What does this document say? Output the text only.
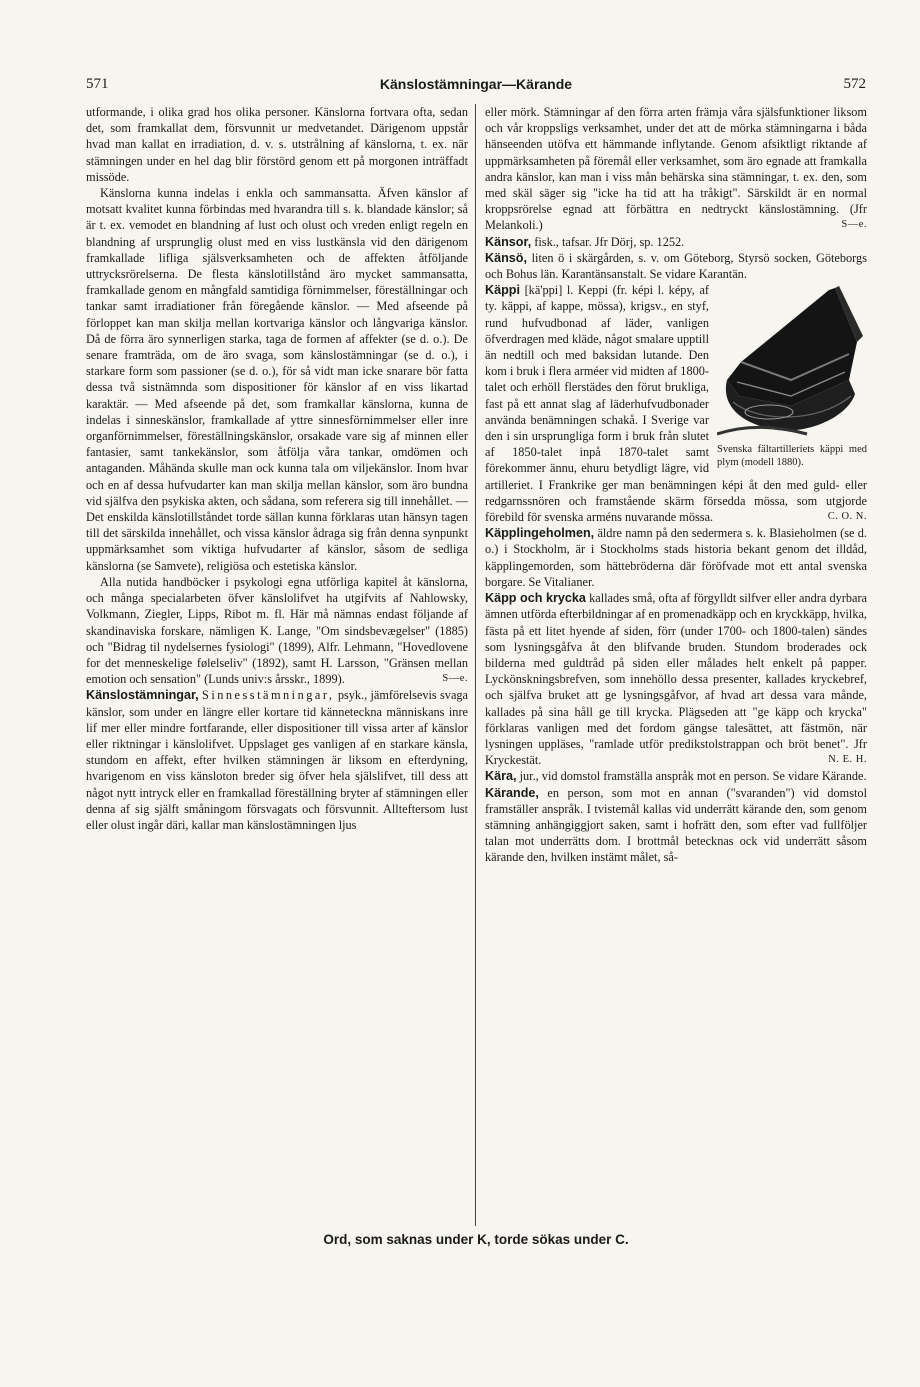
571	Känslostämningar—Kärande	572

utformande, i olika grad hos olika personer. Känslorna fortvara ofta, sedan det, som framkallat dem, försvunnit ur medvetandet. Därigenom uppstår hvad man kallat en irradiation, d. v. s. utstrålning af känslorna, t. ex. när stämningen under en hel dag blir förstörd genom ett på morgonen inträffadt missöde.

Känslorna kunna indelas i enkla och sammansatta. Äfven känslor af motsatt kvalitet kunna förbindas med hvarandra till s. k. blandade känslor; så är t. ex. vemodet en blandning af lust och olust och vreden enligt regeln en blandning af ursprunglig olust med en viss lustkänsla vid den därigenom framkallade lifliga själsverksamheten och de affekten åtföljande uttrycksrörelserna. De flesta känslotillstånd äro mycket sammansatta, framkallade genom en mångfald samtidiga förnimmelser, föreställningar och tankar samt irradiationer från föregående känslor. — Med afseende på förloppet kan man skilja mellan kortvariga känslor och långvariga känslor. Då de förra äro synnerligen starka, taga de formen af affekter (se d. o.). De senare framträda, om de äro svaga, som känslostämningar (se d. o.), i starkare form som passioner (se d. o.), för så vidt man icke snarare bör fatta dessa två sistnämnda som dispositioner för känslor af en viss likartad karaktär. — Med afseende på det, som framkallar känslorna, kunna de indelas i sinneskänslor, framkallade af yttre sinnesförnimmelser eller inre organförnimmelser, föreställningskänslor, orsakade vare sig af minnen eller fantasier, samt tankekänslor, som åtfölja våra tankar, omdömen och antaganden. Måhända skulle man ock kunna tala om viljekänslor. Inom hvar och en af dessa hufvudarter kan man skilja mellan känslor, som äro bundna vid själfva den psykiska akten, och sådana, som referera sig till innehållet. — Det enskilda känslotillståndet torde sällan kunna förklaras utan hänsyn tagen till det särskilda innehållet, och vissa känslor ådraga sig från denna synpunkt uppmärksamhet som viktiga hufvudarter af känslor, såsom de sedliga känslorna (se Samvete), religiösa och estetiska känslor.

Alla nutida handböcker i psykologi egna utförliga kapitel åt känslorna, och många specialarbeten öfver känslolifvet ha utgifvits af Nahlowsky, Volkmann, Ziegler, Lipps, Ribot m. fl. Här må nämnas endast följande af skandinaviska forskare, nämligen K. Lange, "Om sindsbevægelser" (1885) och "Bidrag til nydelsernes fysiologi" (1899), Alfr. Lehmann, "Hovedlovene for det menneskelige følelseliv" (1892), samt H. Larsson, "Gränsen mellan emotion och sensation" (Lunds univ:s årsskr., 1899).	S—e.

Känslostämningar, Sinnesstämningar, psyk., jämförelsevis svaga känslor, som under en längre eller kortare tid känneteckna människans inre lif mer eller mindre fortfarande, eller dispositioner till vissa arter af känslor eller riktningar i känslolifvet. Uppslaget ges vanligen af en starkare känsla, stundom en affekt, efter hvilken stämningen är liksom en efterdyning, hvarigenom en viss känsloton breder sig öfver hela själslifvet, till dess att något nytt intryck eller en framkallad föreställning bryter af stämningen eller denna af sig själft småningom försvagats och försvunnit. Allteftersom lust eller olust ingår däri, kallar man känslostämningen ljus

eller mörk. Stämningar af den förra arten främja våra själsfunktioner liksom och vår kroppsligs verksamhet, under det att de mörka stämningarna i båda hänseenden utöfva ett hämmande inflytande. Genom afsiktligt riktande af uppmärksamheten på föremål eller verksamhet, som äro egnade att framkalla andra känslor, kan man i viss mån behärska sina stämningar, t. ex. den, som med skäl säger sig "icke ha tid att ha tråkigt". Särskildt är en normal kroppsrörelse egnad att förbättra en nedtryckt känslostämning. (Jfr Melankoli.)	S—e.

Känsor, fisk., tafsar. Jfr Dörj, sp. 1252.

Känsö, liten ö i skärgården, s. v. om Göteborg, Styrsö socken, Göteborgs och Bohus län. Karantänsanstalt. Se vidare Karantän.

Svenska fältartilleriets käppi med plym (modell 1880).

Käppi [kä'ppi] l. Keppi (fr. képi l. képy, af ty. käppi, af kappe, mössa), krigsv., en styf, rund hufvudbonad af läder, vanligen öfverdragen med kläde, något smalare upptill än nedtill och med baksidan lutande. Den kom i bruk i flera arméer vid midten af 1800-talet och erhöll flerstädes den förut brukliga, fast på ett annat slag af läderhufvudbonader använda benämningen schakå. I Sverige var den i sin ursprungliga form i bruk från slutet af 1850-talet inpå 1870-talet samt förekommer ännu, ehuru betydligt lägre, vid artilleriet. I Frankrike ger man benämningen képi åt den med guld- eller redgarnssnören och framstående skärm försedda mössa, som utgjorde förebild för svenska arméns nuvarande mössa.	C. O. N.

Käpplingeholmen, äldre namn på den sedermera s. k. Blasieholmen (se d. o.) i Stockholm, är i Stockholms stads historia bekant genom det illdåd, käpplingemorden, som hättebröderna där föröfvade mot ett antal svenska borgare. Se Vitalianer.

Käpp och krycka kallades små, ofta af förgylldt silfver eller andra dyrbara ämnen utförda efterbildningar af en promenadkäpp och en kryckkäpp, hvilka, fästa på ett litet hyende af siden, förr (under 1700- och 1800-talen) sändes som lysningsgåfva åt den blifvande bruden. Stundom broderades ock bilderna med guldtråd på siden eller målades helt enkelt på papper. Lyckönskningsbrefven, som innehöllo dessa presenter, kallades kryckebref, och själfva bruket att ge lysningsgåfvor, af hvad art dessa vara månde, kallades på sina håll ge till krycka. Plägseden att "ge käpp och krycka" förklaras vanligen med det fordom gängse talesättet, att fästmön, när lysningen uppläses, "ramlade utför predikstolstrappan och bröt benet". Jfr Kryckestät.	N. E. H.

Kära, jur., vid domstol framställa anspråk mot en person. Se vidare Kärande.

Kärande, en person, som mot en annan ("svaranden") vid domstol framställer anspråk. I tvistemål kallas vid underrätt kärande den, som genom stämning anhängiggjort saken, samt i hofrätt den, som efter vad fullföljer talan mot underrätts dom. I brottmål betecknas ock vid underrätt såsom kärande den, hvilken instämt målet, så-

Ord, som saknas under K, torde sökas under C.
